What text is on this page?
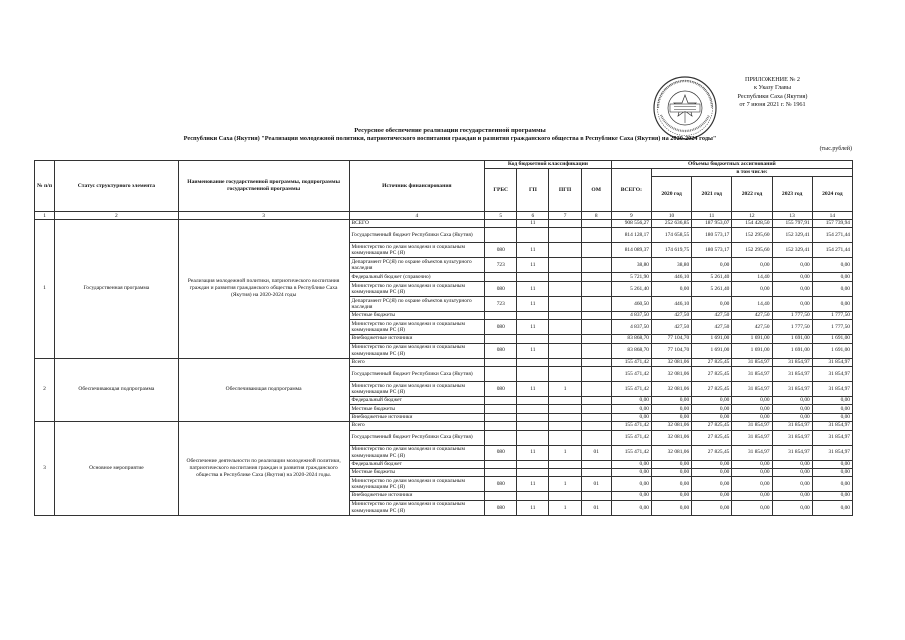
ПРИЛОЖЕНИЕ № 2
к Указу Главы
Республики Саха (Якутия)
от 7 июня 2021 г. № 1961
Ресурсное обеспечение реализации государственной программы
Республики Саха (Якутия) "Реализация молодежной политики, патриотического воспитания граждан и развития гражданского общества в Республике Саха (Якутия) на 2020-2024 годы"
(тыс.рублей)
№ п/п	Статус структурного элемента	Наименование государственной программы, подпрограммы государственной программы	Источник финансирования	Код бюджетной классификации				Объемы бюджетных ассигнований					
				ГРБС	ГП	ПГП	ОМ	ВСЕГО:	в том числе:				
									2020 год	2021 год	2022 год	2023 год	2024 год
1	2	3	4	5	6	7	8	9	10	11	12	13	14
1	Государственная программа	Реализация молодежной политики, патриотического воспитания граждан и развития гражданского общества в Республике Саха (Якутия) на 2020-2024 годы	ВСЕГО		11			908 556,27	252 636,85	187 953,07	154 428,50	155 797,91	157 739,94
			Государственный бюджет Республики Саха (Якутия)					814 128,17	174 658,55	180 573,17	152 295,60	152 329,41	154 271,44
			Министерство по делам молодежи и социальным коммуникациям РС (Я)	080	11			814 089,37	174 619,75	180 573,17	152 295,60	152 329,41	154 271,44
			Департамент РС(Я) по охране объектов культурного наследия	723	11			38,80	38,80	0,00	0,00	0,00	0,00
			Федеральный бюджет (справочно)					5 721,90	446,10	5 261,40	14,40	0,00	0,00
			Министерство по делам молодежи и социальным коммуникациям РС (Я)	080	11			5 261,40	0,00	5 261,40	0,00	0,00	0,00
			Департамент РС(Я) по охране объектов культурного наследия	723	11			460,50	446,10	0,00	14,40	0,00	0,00
			Местные бюджеты					4 837,50	427,50	427,50	427,50	1 777,50	1 777,50
			Министерство по делам молодежи и социальным коммуникациям РС (Я)	080	11			4 837,50	427,50	427,50	427,50	1 777,50	1 777,50
			Внебюджетные источники					83 868,70	77 104,70	1 691,00	1 691,00	1 691,00	1 691,00
			Министерство по делам молодежи и социальным коммуникациям РС (Я)	080	11			83 868,70	77 104,70	1 691,00	1 691,00	1 691,00	1 691,00
2	Обеспечивающая подпрограмма	Обеспечивающая подпрограмма	Всего					155 471,42	32 081,06	27 825,45	31 854,97	31 854,97	31 854,97
			Государственный бюджет Республики Саха (Якутия)					155 471,42	32 081,06	27 825,45	31 854,97	31 854,97	31 854,97
			Министерство по делам молодежи и социальным коммуникациям РС (Я)	080	11	1		155 471,42	32 081,06	27 825,45	31 854,97	31 854,97	31 854,97
			Федеральный бюджет					0,00	0,00	0,00	0,00	0,00	0,00
			Местные бюджеты					0,00	0,00	0,00	0,00	0,00	0,00
			Внебюджетные источники					0,00	0,00	0,00	0,00	0,00	0,00
3	Основное мероприятие	Обеспечение деятельности по реализации молодежной политики, патриотического воспитания граждан и развития гражданского общества в Республике Саха (Якутия) на 2020-2024 годы.	Всего					155 471,42	32 081,06	27 825,45	31 854,97	31 854,97	31 854,97
			Государственный бюджет Республики Саха (Якутия)					155 471,42	32 081,06	27 825,45	31 854,97	31 854,97	31 854,97
			Министерство по делам молодежи и социальным коммуникациям РС (Я)	080	11	1	01	155 471,42	32 081,06	27 825,45	31 854,97	31 854,97	31 854,97
			Федеральный бюджет					0,00	0,00	0,00	0,00	0,00	0,00
			Местные бюджеты					0,00	0,00	0,00	0,00	0,00	0,00
			Министерство по делам молодежи и социальным коммуникациям РС (Я)	080	11	1	01	0,00	0,00	0,00	0,00	0,00	0,00
			Внебюджетные источники					0,00	0,00	0,00	0,00	0,00	0,00
			Министерство по делам молодежи и социальным коммуникациям РС (Я)	080	11	1	01	0,00	0,00	0,00	0,00	0,00	0,00
